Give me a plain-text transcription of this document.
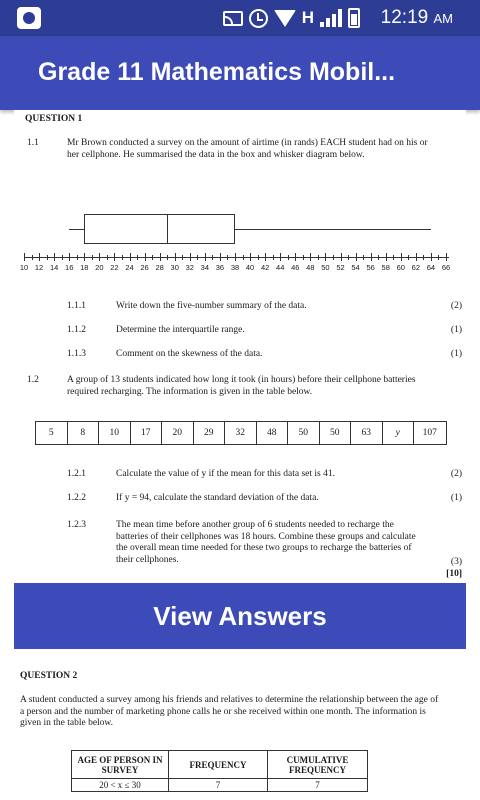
H	12:19 AM
Grade 11 Mathematics Mobil...
QUESTION 1
1.1	Mr Brown conducted a survey on the amount of airtime (in rands) EACH student had on his or her cellphone. He summarised the data in the box and whisker diagram below.
10 12 14 16 18 20 22 24 26 28 30 32 34 36 38 40 42 44 46 48 50 52 54 56 58 60 62 64 66
1.1.1	Write down the five-number summary of the data.	(2)
1.1.2	Determine the interquartile range.	(1)
1.1.3	Comment on the skewness of the data.	(1)
1.2	A group of 13 students indicated how long it took (in hours) before their cellphone batteries required recharging. The information is given in the table below.
5	8	10	17	20	29	32	48	50	50	63	y	107
1.2.1	Calculate the value of y if the mean for this data set is 41.	(2)
1.2.2	If y = 94, calculate the standard deviation of the data.	(1)
1.2.3	The mean time before another group of 6 students needed to recharge the batteries of their cellphones was 18 hours. Combine these groups and calculate the overall mean time needed for these two groups to recharge the batteries of their cellphones.	(3)
[10]
View Answers
QUESTION 2
A student conducted a survey among his friends and relatives to determine the relationship between the age of a person and the number of marketing phone calls he or she received within one month. The information is given in the table below.
AGE OF PERSON IN SURVEY	FREQUENCY	CUMULATIVE FREQUENCY
20 < x ≤ 30	7	7
